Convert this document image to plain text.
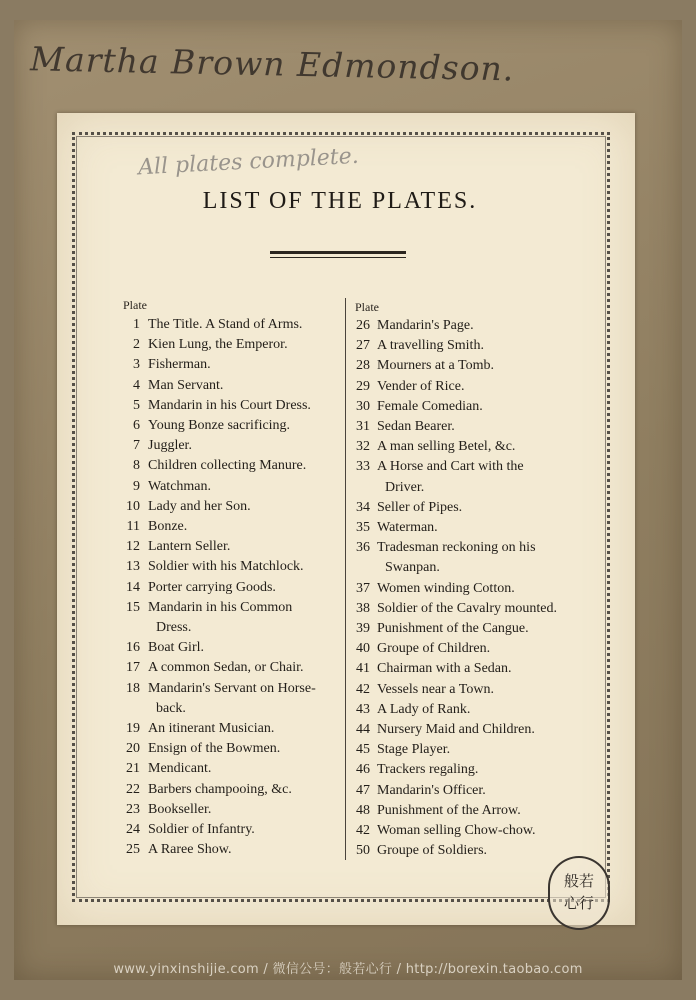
Martha Brown Edmondson.
All plates complete.
LIST OF THE PLATES.
Plate	Plate
1 The Title. A Stand of Arms.
2 Kien Lung, the Emperor.
3 Fisherman.
4 Man Servant.
5 Mandarin in his Court Dress.
6 Young Bonze sacrificing.
7 Juggler.
8 Children collecting Manure.
9 Watchman.
10 Lady and her Son.
11 Bonze.
12 Lantern Seller.
13 Soldier with his Matchlock.
14 Porter carrying Goods.
15 Mandarin in his Common
Dress.
16 Boat Girl.
17 A common Sedan, or Chair.
18 Mandarin's Servant on Horse-
back.
19 An itinerant Musician.
20 Ensign of the Bowmen.
21 Mendicant.
22 Barbers champooing, &c.
23 Bookseller.
24 Soldier of Infantry.
25 A Raree Show.
26 Mandarin's Page.
27 A travelling Smith.
28 Mourners at a Tomb.
29 Vender of Rice.
30 Female Comedian.
31 Sedan Bearer.
32 A man selling Betel, &c.
33 A Horse and Cart with the
Driver.
34 Seller of Pipes.
35 Waterman.
36 Tradesman reckoning on his
Swanpan.
37 Women winding Cotton.
38 Soldier of the Cavalry mounted.
39 Punishment of the Cangue.
40 Groupe of Children.
41 Chairman with a Sedan.
42 Vessels near a Town.
43 A Lady of Rank.
44 Nursery Maid and Children.
45 Stage Player.
46 Trackers regaling.
47 Mandarin's Officer.
48 Punishment of the Arrow.
42 Woman selling Chow-chow.
50 Groupe of Soldiers.
般若
心行
www.yinxinshijie.com / 微信公号：般若心行 / http://borexin.taobao.com
